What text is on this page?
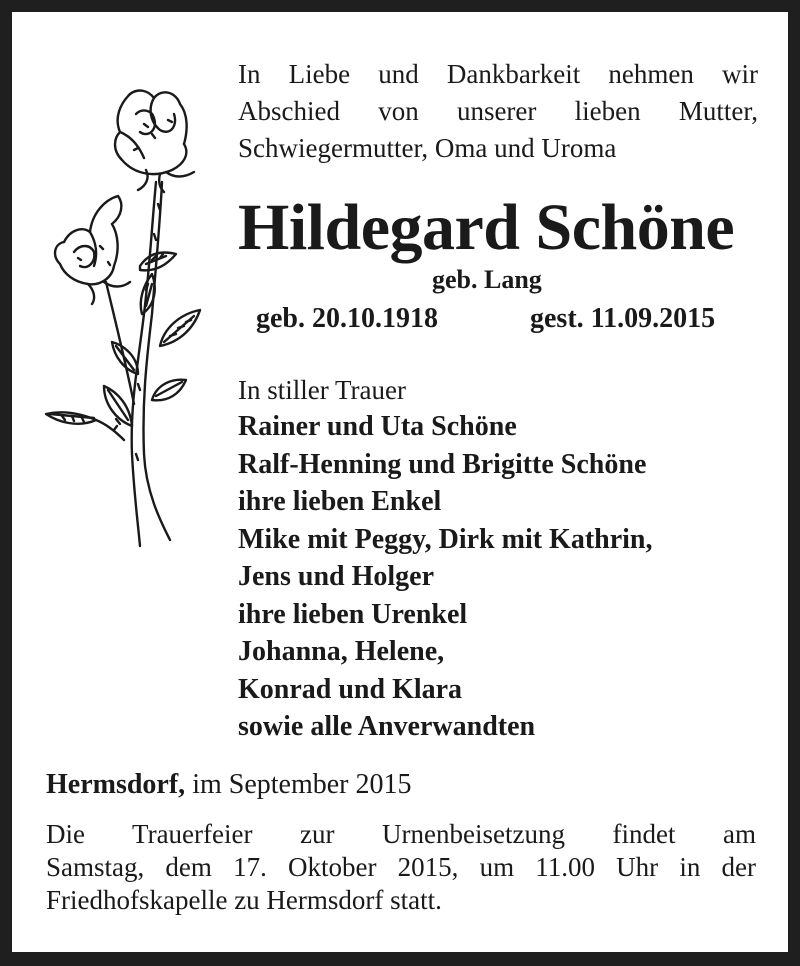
In Liebe und Dankbarkeit nehmen wir
Abschied von unserer lieben Mutter,
Schwiegermutter, Oma und Uroma
Hildegard Schöne
geb. Lang
geb. 20.10.1918	gest. 11.09.2015
In stiller Trauer
Rainer und Uta Schöne
Ralf-Henning und Brigitte Schöne
ihre lieben Enkel
Mike mit Peggy, Dirk mit Kathrin,
Jens und Holger
ihre lieben Urenkel
Johanna, Helene,
Konrad und Klara
sowie alle Anverwandten
Hermsdorf, im September 2015
Die Trauerfeier zur Urnenbeisetzung findet am
Samstag, dem 17. Oktober 2015, um 11.00 Uhr in der
Friedhofskapelle zu Hermsdorf statt.
